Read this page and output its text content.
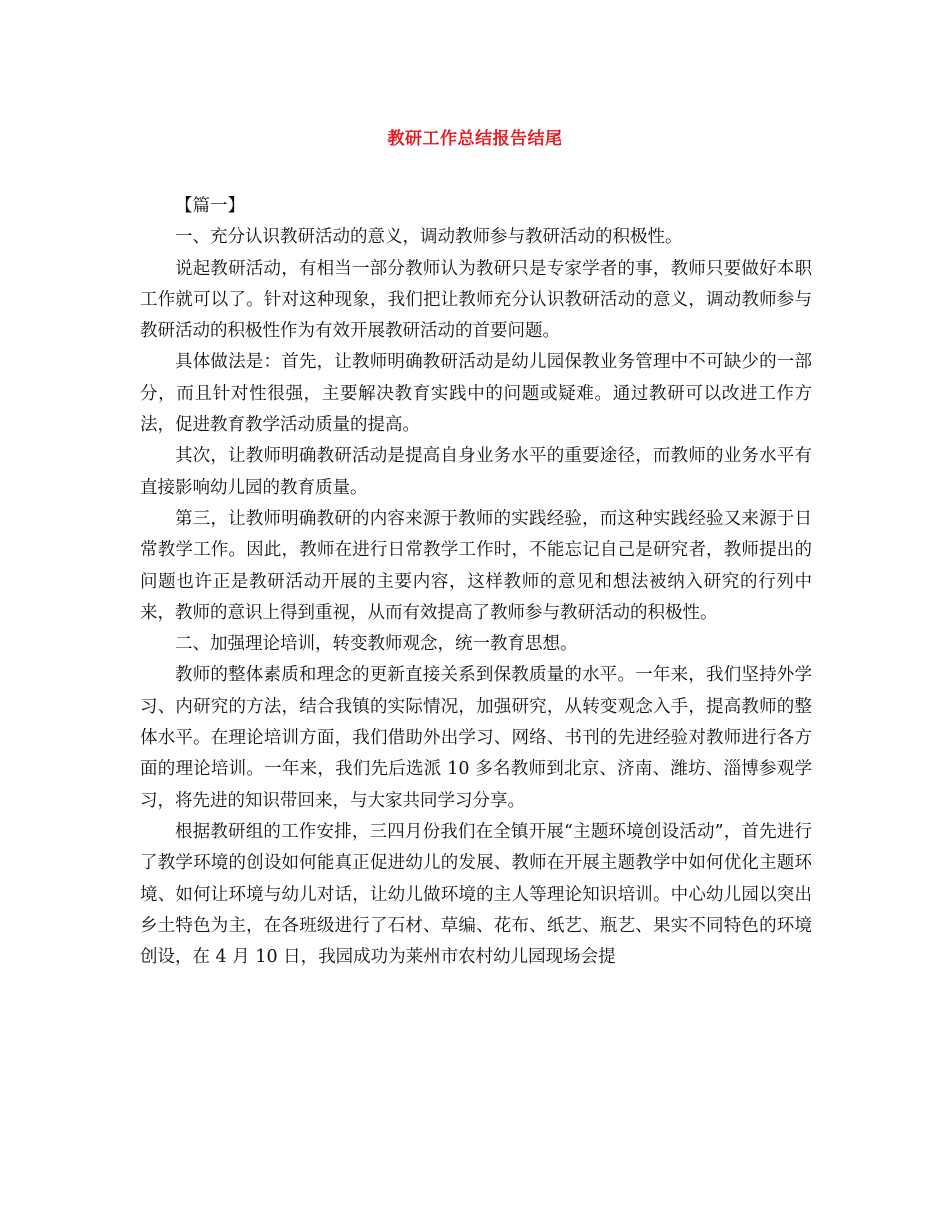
教研工作总结报告结尾

【篇一】

一、充分认识教研活动的意义，调动教师参与教研活动的积极性。

说起教研活动，有相当一部分教师认为教研只是专家学者的事，教师只要做好本职工作就可以了。针对这种现象，我们把让教师充分认识教研活动的意义，调动教师参与教研活动的积极性作为有效开展教研活动的首要问题。

具体做法是：首先，让教师明确教研活动是幼儿园保教业务管理中不可缺少的一部分，而且针对性很强，主要解决教育实践中的问题或疑难。通过教研可以改进工作方法，促进教育教学活动质量的提高。

其次，让教师明确教研活动是提高自身业务水平的重要途径，而教师的业务水平有直接影响幼儿园的教育质量。

第三，让教师明确教研的内容来源于教师的实践经验，而这种实践经验又来源于日常教学工作。因此，教师在进行日常教学工作时，不能忘记自己是研究者，教师提出的问题也许正是教研活动开展的主要内容，这样教师的意见和想法被纳入研究的行列中来，教师的意识上得到重视，从而有效提高了教师参与教研活动的积极性。

二、加强理论培训，转变教师观念，统一教育思想。

教师的整体素质和理念的更新直接关系到保教质量的水平。一年来，我们坚持外学习、内研究的方法，结合我镇的实际情况，加强研究，从转变观念入手，提高教师的整体水平。在理论培训方面，我们借助外出学习、网络、书刊的先进经验对教师进行各方面的理论培训。一年来，我们先后选派 10 多名教师到北京、济南、潍坊、淄博参观学习，将先进的知识带回来，与大家共同学习分享。

根据教研组的工作安排，三四月份我们在全镇开展“主题环境创设活动”，首先进行了教学环境的创设如何能真正促进幼儿的发展、教师在开展主题教学中如何优化主题环境、如何让环境与幼儿对话，让幼儿做环境的主人等理论知识培训。中心幼儿园以突出乡土特色为主，在各班级进行了石材、草编、花布、纸艺、瓶艺、果实不同特色的环境创设，在 4 月 10 日，我园成功为莱州市农村幼儿园现场会提
